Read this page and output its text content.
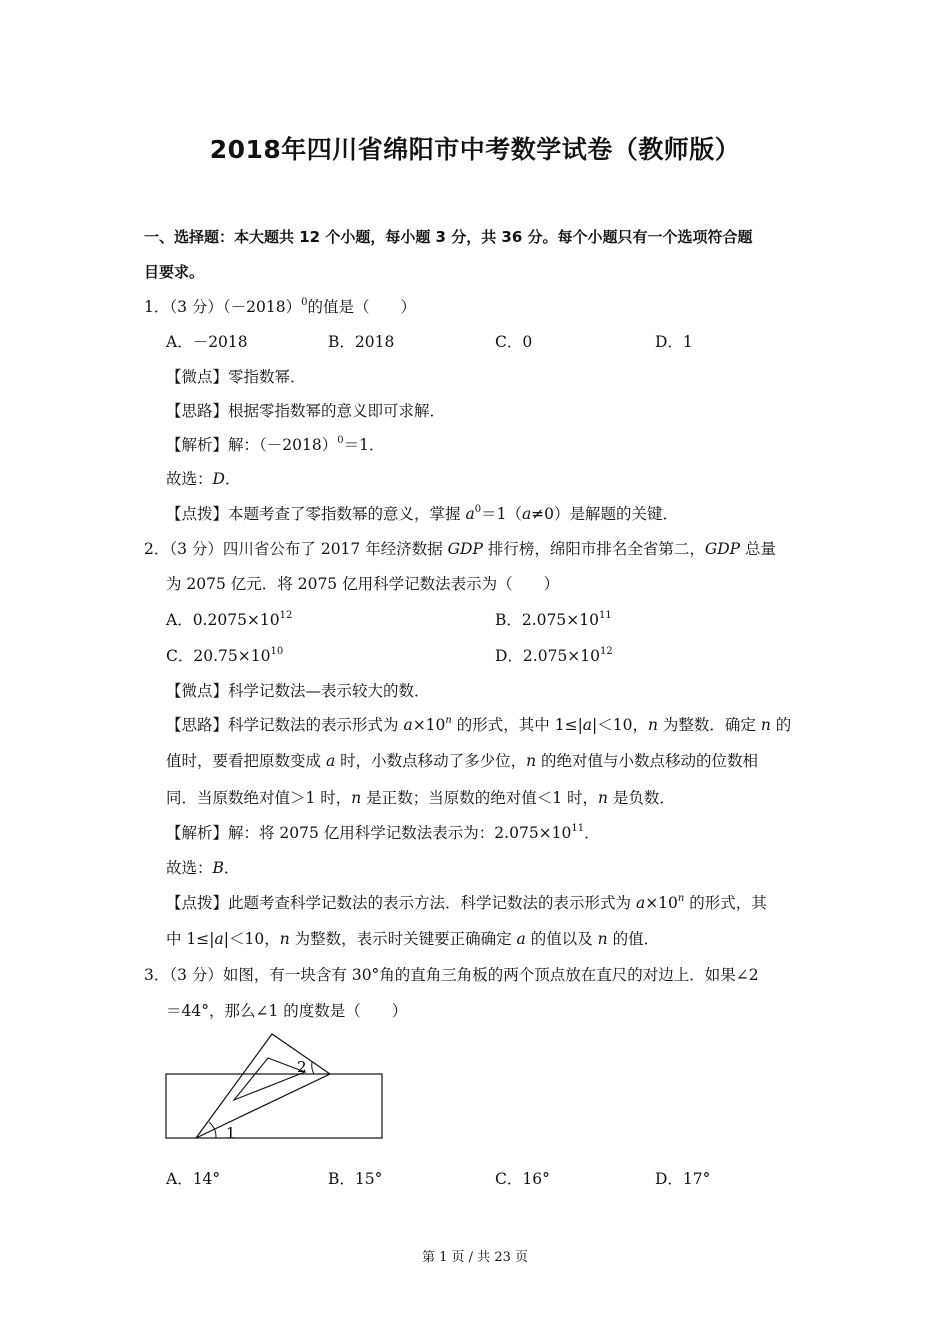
2018年四川省绵阳市中考数学试卷（教师版）
一、选择题：本大题共 12 个小题，每小题 3 分，共 36 分。每个小题只有一个选项符合题
目要求。
1．（3 分）$(-2018)^0$的值是（　　）
A．－2018	B．2018	C．0	D．1
【微点】零指数幂．
【思路】根据零指数幂的意义即可求解．
【解析】解：$(-2018)^0=1$．
故选：D．
【点拨】本题考查了零指数幂的意义，掌握 $a^0=1(a\ne 0)$是解题的关键．
2．（3 分）四川省公布了 2017 年经济数据 GDP 排行榜，绵阳市排名全省第二，GDP 总量
为 2075 亿元．将 2075 亿用科学记数法表示为（　　）
A．$0.2075\times 10^{12}$	B．$2.075\times 10^{11}$
C．$20.75\times 10^{10}$	D．$2.075\times 10^{12}$
【微点】科学记数法—表示较大的数．
【思路】科学记数法的表示形式为 $a\times 10^n$ 的形式，其中 1≤|a|＜10，n 为整数．确定 n 的
值时，要看把原数变成 a 时，小数点移动了多少位，n 的绝对值与小数点移动的位数相
同．当原数绝对值＞1 时，n 是正数；当原数的绝对值＜1 时，n 是负数．
【解析】解：将 2075 亿用科学记数法表示为：$2.075\times 10^{11}$．
故选：B．
【点拨】此题考查科学记数法的表示方法．科学记数法的表示形式为 $a\times 10^n$ 的形式，其
中 1≤|a|＜10，n 为整数，表示时关键要正确确定 a 的值以及 n 的值．
3．（3 分）如图，有一块含有 30°角的直角三角板的两个顶点放在直尺的对边上．如果∠2
＝44°，那么∠1 的度数是（　　）
1
2
A．14°	B．15°	C．16°	D．17°
第 1 页 / 共 23 页
